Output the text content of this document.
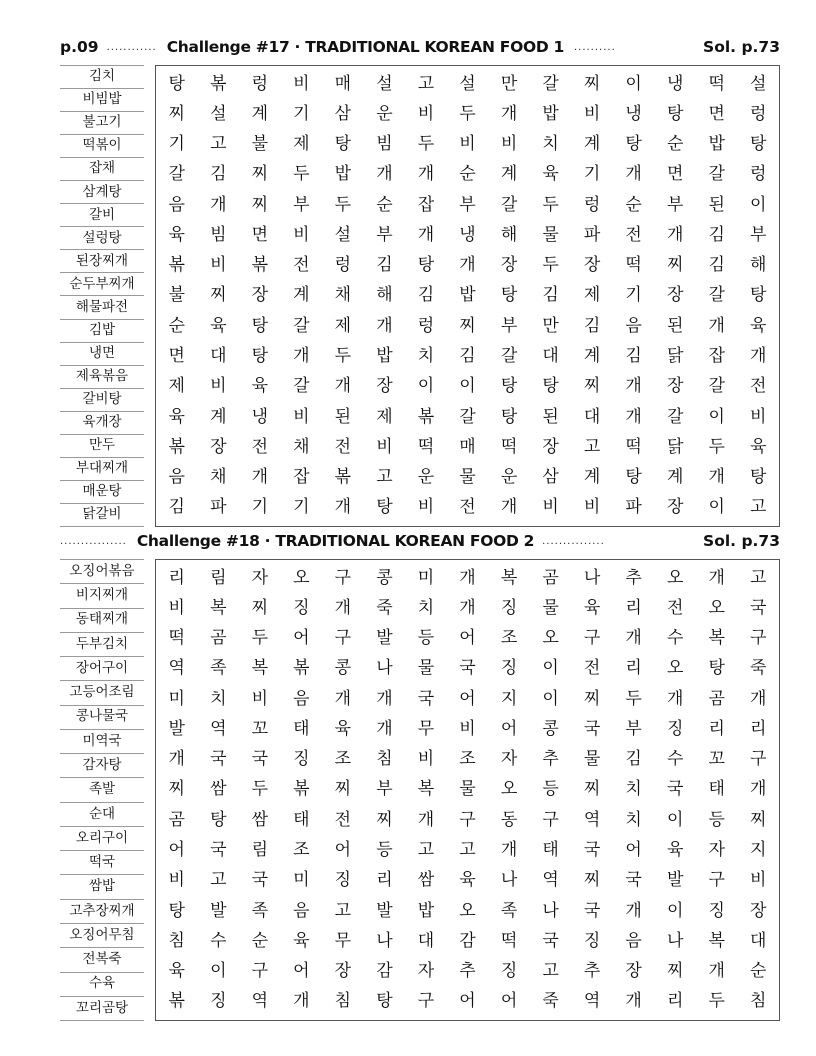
p.09 ............ Challenge #17 · TRADITIONAL KOREAN FOOD 1 ..........	Sol. p.73
김치
비빔밥
불고기
떡볶이
잡채
삼계탕
갈비
설렁탕
된장찌개
순두부찌개
해물파전
김밥
냉면
제육볶음
갈비탕
육개장
만두
부대찌개
매운탕
닭갈비
탕	볶	렁	비	매	설	고	설	만	갈	찌	이	냉	떡	설
찌	설	계	기	삼	운	비	두	개	밥	비	냉	탕	면	렁
기	고	불	제	탕	빔	두	비	비	치	계	탕	순	밥	탕
갈	김	찌	두	밥	개	개	순	계	육	기	개	면	갈	렁
음	개	찌	부	두	순	잡	부	갈	두	렁	순	부	된	이
육	빔	면	비	설	부	개	냉	해	물	파	전	개	김	부
볶	비	볶	전	렁	김	탕	개	장	두	장	떡	찌	김	해
불	찌	장	계	채	해	김	밥	탕	김	제	기	장	갈	탕
순	육	탕	갈	제	개	렁	찌	부	만	김	음	된	개	육
면	대	탕	개	두	밥	치	김	갈	대	계	김	닭	잡	개
제	비	육	갈	개	장	이	이	탕	탕	찌	개	장	갈	전
육	계	냉	비	된	제	볶	갈	탕	된	대	개	갈	이	비
볶	장	전	채	전	비	떡	매	떡	장	고	떡	닭	두	육
음	채	개	잡	볶	고	운	물	운	삼	계	탕	계	개	탕
김	파	기	기	개	탕	비	전	개	비	비	파	장	이	고
................ Challenge #18 · TRADITIONAL KOREAN FOOD 2 ...............	Sol. p.73
오징어볶음
비지찌개
동태찌개
두부김치
장어구이
고등어조림
콩나물국
미역국
감자탕
족발
순대
오리구이
떡국
쌈밥
고추장찌개
오징어무침
전복죽
수육
꼬리곰탕
리	림	자	오	구	콩	미	개	복	곰	나	추	오	개	고
비	복	찌	징	개	죽	치	개	징	물	육	리	전	오	국
떡	곰	두	어	구	발	등	어	조	오	구	개	수	복	구
역	족	복	볶	콩	나	물	국	징	이	전	리	오	탕	죽
미	치	비	음	개	개	국	어	지	이	찌	두	개	곰	개
발	역	꼬	태	육	개	무	비	어	콩	국	부	징	리	리
개	국	국	징	조	침	비	조	자	추	물	김	수	꼬	구
찌	쌈	두	볶	찌	부	복	물	오	등	찌	치	국	태	개
곰	탕	쌈	태	전	찌	개	구	동	구	역	치	이	등	찌
어	국	림	조	어	등	고	고	개	태	국	어	육	자	지
비	고	국	미	징	리	쌈	육	나	역	찌	국	발	구	비
탕	발	족	음	고	발	밥	오	족	나	국	개	이	징	장
침	수	순	육	무	나	대	감	떡	국	징	음	나	복	대
육	이	구	어	장	감	자	추	징	고	추	장	찌	개	순
볶	징	역	개	침	탕	구	어	어	죽	역	개	리	두	침
